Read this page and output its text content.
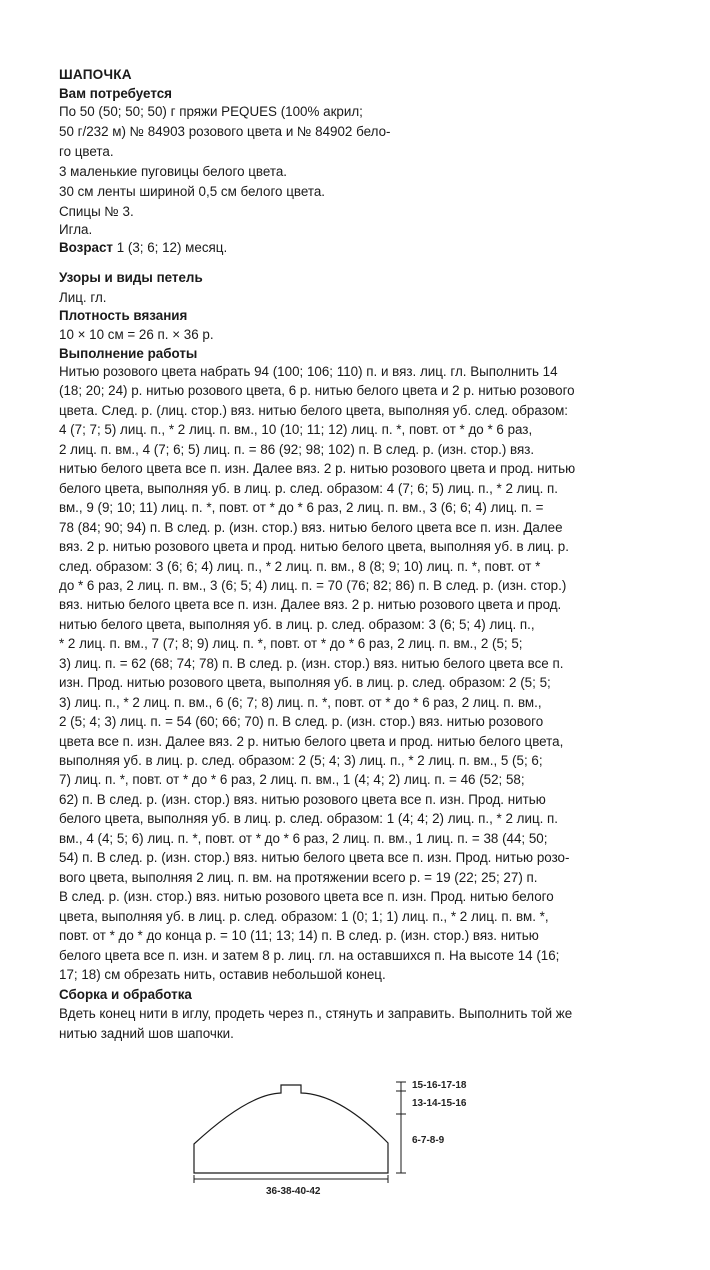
ШАПОЧКА
Вам потребуется
По 50 (50; 50; 50) г пряжи PEQUES (100% акрил;
50 г/232 м) № 84903 розового цвета и № 84902 бело-
го цвета.
3 маленькие пуговицы белого цвета.
30 см ленты шириной 0,5 см белого цвета.
Спицы № 3.
Игла.
Возраст 1 (3; 6; 12) месяц.
Узоры и виды петель
Лиц. гл.
Плотность вязания
10 × 10 см = 26 п. × 36 р.
Выполнение работы
Нитью розового цвета набрать 94 (100; 106; 110) п. и вяз. лиц. гл. Выполнить 14
(18; 20; 24) р. нитью розового цвета, 6 р. нитью белого цвета и 2 р. нитью розового
цвета. След. р. (лиц. стор.) вяз. нитью белого цвета, выполняя уб. след. образом:
4 (7; 7; 5) лиц. п., * 2 лиц. п. вм., 10 (10; 11; 12) лиц. п. *, повт. от * до * 6 раз,
2 лиц. п. вм., 4 (7; 6; 5) лиц. п. = 86 (92; 98; 102) п. В след. р. (изн. стор.) вяз.
нитью белого цвета все п. изн. Далее вяз. 2 р. нитью розового цвета и прод. нитью
белого цвета, выполняя уб. в лиц. р. след. образом: 4 (7; 6; 5) лиц. п., * 2 лиц. п.
вм., 9 (9; 10; 11) лиц. п. *, повт. от * до * 6 раз, 2 лиц. п. вм., 3 (6; 6; 4) лиц. п. =
78 (84; 90; 94) п. В след. р. (изн. стор.) вяз. нитью белого цвета все п. изн. Далее
вяз. 2 р. нитью розового цвета и прод. нитью белого цвета, выполняя уб. в лиц. р.
след. образом: 3 (6; 6; 4) лиц. п., * 2 лиц. п. вм., 8 (8; 9; 10) лиц. п. *, повт. от *
до * 6 раз, 2 лиц. п. вм., 3 (6; 5; 4) лиц. п. = 70 (76; 82; 86) п. В след. р. (изн. стор.)
вяз. нитью белого цвета все п. изн. Далее вяз. 2 р. нитью розового цвета и прод.
нитью белого цвета, выполняя уб. в лиц. р. след. образом: 3 (6; 5; 4) лиц. п.,
* 2 лиц. п. вм., 7 (7; 8; 9) лиц. п. *, повт. от * до * 6 раз, 2 лиц. п. вм., 2 (5; 5;
3) лиц. п. = 62 (68; 74; 78) п. В след. р. (изн. стор.) вяз. нитью белого цвета все п.
изн. Прод. нитью розового цвета, выполняя уб. в лиц. р. след. образом: 2 (5; 5;
3) лиц. п., * 2 лиц. п. вм., 6 (6; 7; 8) лиц. п. *, повт. от * до * 6 раз, 2 лиц. п. вм.,
2 (5; 4; 3) лиц. п. = 54 (60; 66; 70) п. В след. р. (изн. стор.) вяз. нитью розового
цвета все п. изн. Далее вяз. 2 р. нитью белого цвета и прод. нитью белого цвета,
выполняя уб. в лиц. р. след. образом: 2 (5; 4; 3) лиц. п., * 2 лиц. п. вм., 5 (5; 6;
7) лиц. п. *, повт. от * до * 6 раз, 2 лиц. п. вм., 1 (4; 4; 2) лиц. п. = 46 (52; 58;
62) п. В след. р. (изн. стор.) вяз. нитью розового цвета все п. изн. Прод. нитью
белого цвета, выполняя уб. в лиц. р. след. образом: 1 (4; 4; 2) лиц. п., * 2 лиц. п.
вм., 4 (4; 5; 6) лиц. п. *, повт. от * до * 6 раз, 2 лиц. п. вм., 1 лиц. п. = 38 (44; 50;
54) п. В след. р. (изн. стор.) вяз. нитью белого цвета все п. изн. Прод. нитью розо-
вого цвета, выполняя 2 лиц. п. вм. на протяжении всего р. = 19 (22; 25; 27) п.
В след. р. (изн. стор.) вяз. нитью розового цвета все п. изн. Прод. нитью белого
цвета, выполняя уб. в лиц. р. след. образом: 1 (0; 1; 1) лиц. п., * 2 лиц. п. вм. *,
повт. от * до * до конца р. = 10 (11; 13; 14) п. В след. р. (изн. стор.) вяз. нитью
белого цвета все п. изн. и затем 8 р. лиц. гл. на оставшихся п. На высоте 14 (16;
17; 18) см обрезать нить, оставив небольшой конец.
Сборка и обработка
Вдеть конец нити в иглу, продеть через п., стянуть и заправить. Выполнить той же
нитью задний шов шапочки.
15-16-17-18
13-14-15-16
6-7-8-9
36-38-40-42
